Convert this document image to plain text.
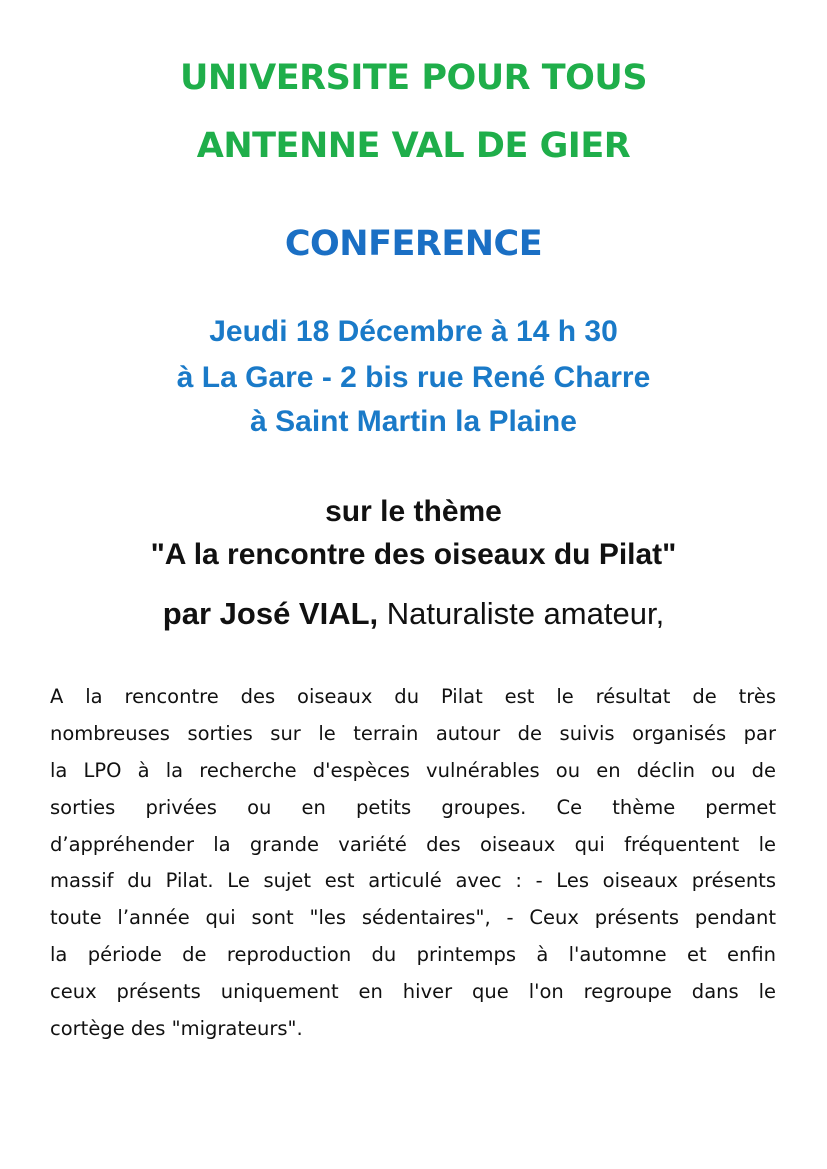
UNIVERSITE POUR TOUS
ANTENNE VAL DE GIER
CONFERENCE
Jeudi 18 Décembre à 14 h 30
à La Gare - 2 bis rue René Charre
à Saint Martin la Plaine
sur le thème
"A la rencontre des oiseaux du Pilat"
par José VIAL, Naturaliste amateur,
A la rencontre des oiseaux du Pilat est le résultat de très
nombreuses sorties sur le terrain autour de suivis organisés par
la LPO à la recherche d'espèces vulnérables ou en déclin ou de
sorties privées ou en petits groupes. Ce thème permet
d’appréhender la grande variété des oiseaux qui fréquentent le
massif du Pilat. Le sujet est articulé avec : - Les oiseaux présents
toute l’année qui sont "les sédentaires", - Ceux présents pendant
la période de reproduction du printemps à l'automne et enfin
ceux présents uniquement en hiver que l'on regroupe dans le
cortège des "migrateurs".
